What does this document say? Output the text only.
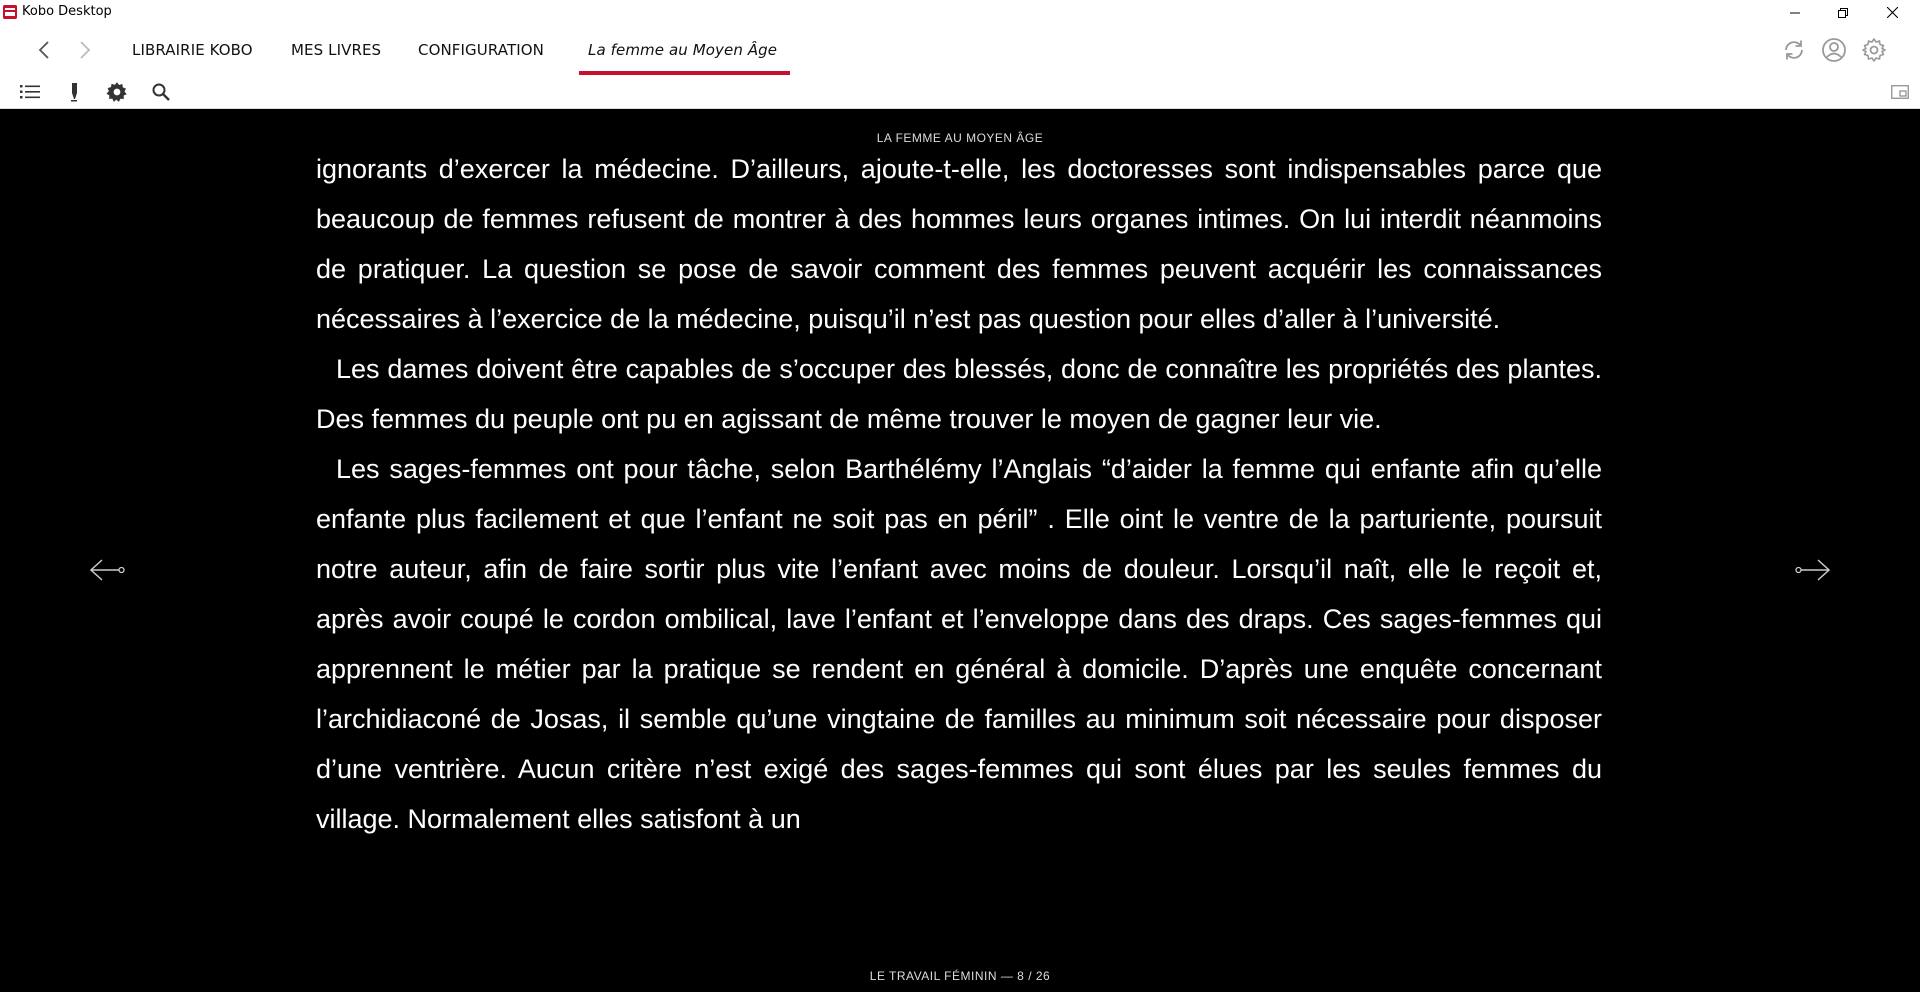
Kobo Desktop
LIBRAIRIE KOBO	MES LIVRES CONFIGURATION	La femme au Moyen Âge
LA FEMME AU MOYEN ÂGE

ignorants d’exercer la médecine. D’ailleurs, ajoute-t-elle, les doctoresses sont indispensables parce que beaucoup de femmes refusent de montrer à des hommes leurs organes intimes. On lui interdit néanmoins de pratiquer. La question se pose de savoir comment des femmes peuvent acquérir les connaissances nécessaires à l’exercice de la médecine, puisqu’il n’est pas question pour elles d’aller à l’université.

Les dames doivent être capables de s’occuper des blessés, donc de connaître les propriétés des plantes. Des femmes du peuple ont pu en agissant de même trouver le moyen de gagner leur vie.

Les sages-femmes ont pour tâche, selon Barthélémy l’Anglais “d’aider la femme qui enfante afin qu’elle enfante plus facilement et que l’enfant ne soit pas en péril” . Elle oint le ventre de la parturiente, poursuit notre auteur, afin de faire sortir plus vite l’enfant avec moins de douleur. Lorsqu’il naît, elle le reçoit et, après avoir coupé le cordon ombilical, lave l’enfant et l’enveloppe dans des draps. Ces sages-femmes qui apprennent le métier par la pratique se rendent en général à domicile. D’après une enquête concernant l’archidiaconé de Josas, il semble qu’une vingtaine de familles au minimum soit nécessaire pour disposer d’une ventrière. Aucun critère n’est exigé des sages-femmes qui sont élues par les seules femmes du village. Normalement elles satisfont à un

LE TRAVAIL FÉMININ — 8 / 26
